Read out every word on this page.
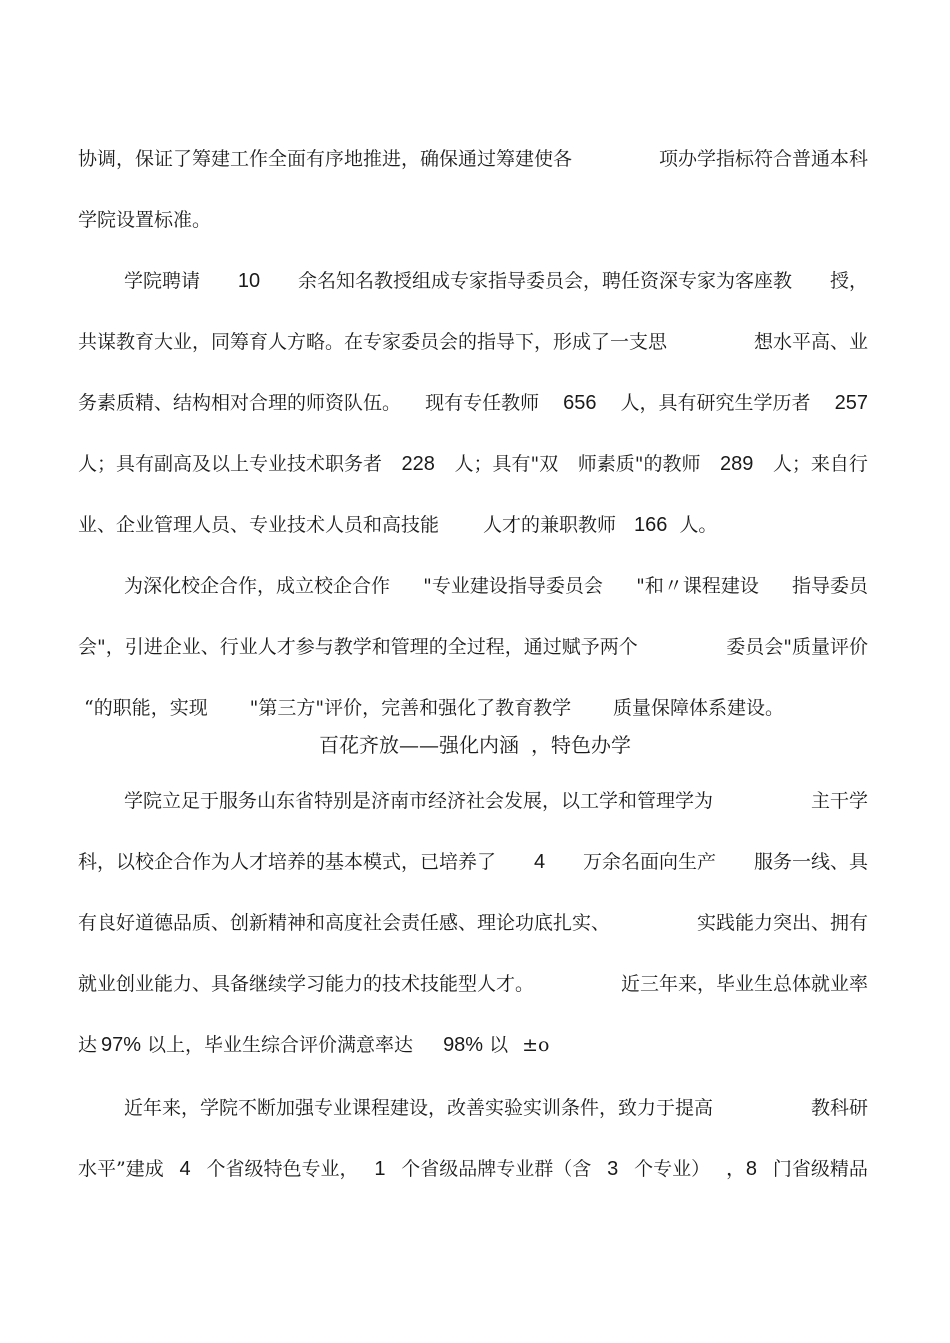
协调，保证了筹建工作全面有序地推进，确保通过筹建使各	项办学指标符合普通本科
学院设置标准。
学院聘请 10 余名知名教授组成专家指导委员会，聘任资深专家为客座教 授，
共谋教育大业，同筹育人方略。在专家委员会的指导下，形成了一支思	想水平高、业
务素质精、结构相对合理的师资队伍。 现有专任教师 656 人，具有研究生学历者 257
人；具有副高及以上专业技术职务者 228 人；具有"双 师素质"的教师 289 人；来自行
业、企业管理人员、专业技术人员和高技能 人才的兼职教师 166 人。
为深化校企合作，成立校企合作 "专业建设指导委员会 "和〃课程建设 指导委员
会"，引进企业、行业人才参与教学和管理的全过程，通过赋予两个	委员会"质量评价
“的职能，实现 "第三方"评价，完善和强化了教育教学 质量保障体系建设。
百花齐放——强化内涵 ，特色办学
学院立足于服务山东省特别是济南市经济社会发展，以工学和管理学为	主干学
科，以校企合作为人才培养的基本模式，已培养了 4 万余名面向生产 服务一线、具
有良好道德品质、创新精神和高度社会责任感、理论功底扎实、	实践能力突出、拥有
就业创业能力、具备继续学习能力的技术技能型人才。	近三年来，毕业生总体就业率
达 97% 以上，毕业生综合评价满意率达 98% 以 ±o
近年来，学院不断加强专业课程建设，改善实验实训条件，致力于提高	教科研
水平”建成 4 个省级特色专业， 1 个省级品牌专业群（含 3 个专业） ，8 门省级精品
